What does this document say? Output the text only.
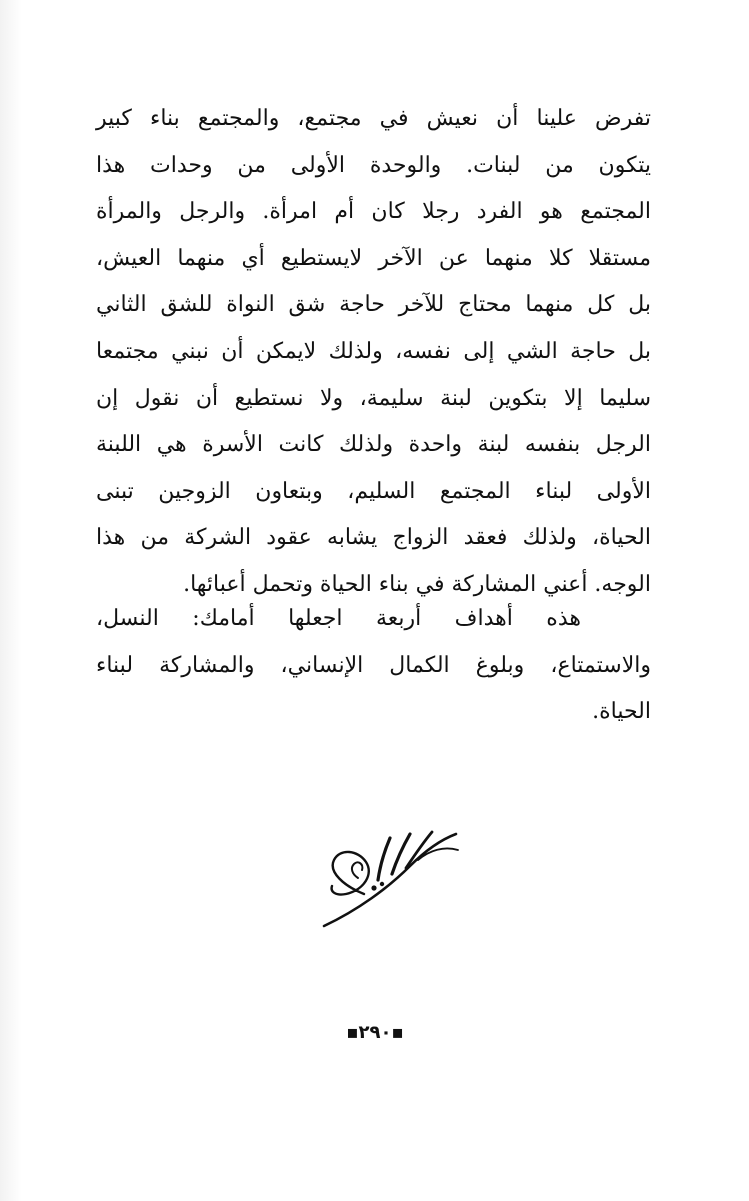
تفرض علينا أن نعيش في مجتمع، والمجتمع بناء كبير
يتكون من لبنات. والوحدة الأولى من وحدات هذا
المجتمع هو الفرد رجلا كان أم امرأة. والرجل والمرأة
مستقلا كلا منهما عن الآخر لايستطيع أي منهما العيش،
بل كل منهما محتاج للآخر حاجة شق النواة للشق الثاني
بل حاجة الشي إلى نفسه، ولذلك لايمكن أن نبني مجتمعا
سليما إلا بتكوين لبنة سليمة، ولا نستطيع أن نقول إن
الرجل بنفسه لبنة واحدة ولذلك كانت الأسرة هي اللبنة
الأولى لبناء المجتمع السليم، وبتعاون الزوجين تبنى
الحياة، ولذلك فعقد الزواج يشابه عقود الشركة من هذا
الوجه. أعني المشاركة في بناء الحياة وتحمل أعبائها.
هذه أهداف أربعة اجعلها أمامك: النسل،
والاستمتاع، وبلوغ الكمال الإنساني، والمشاركة لبناء
الحياة.
▪٢٩٠▪
